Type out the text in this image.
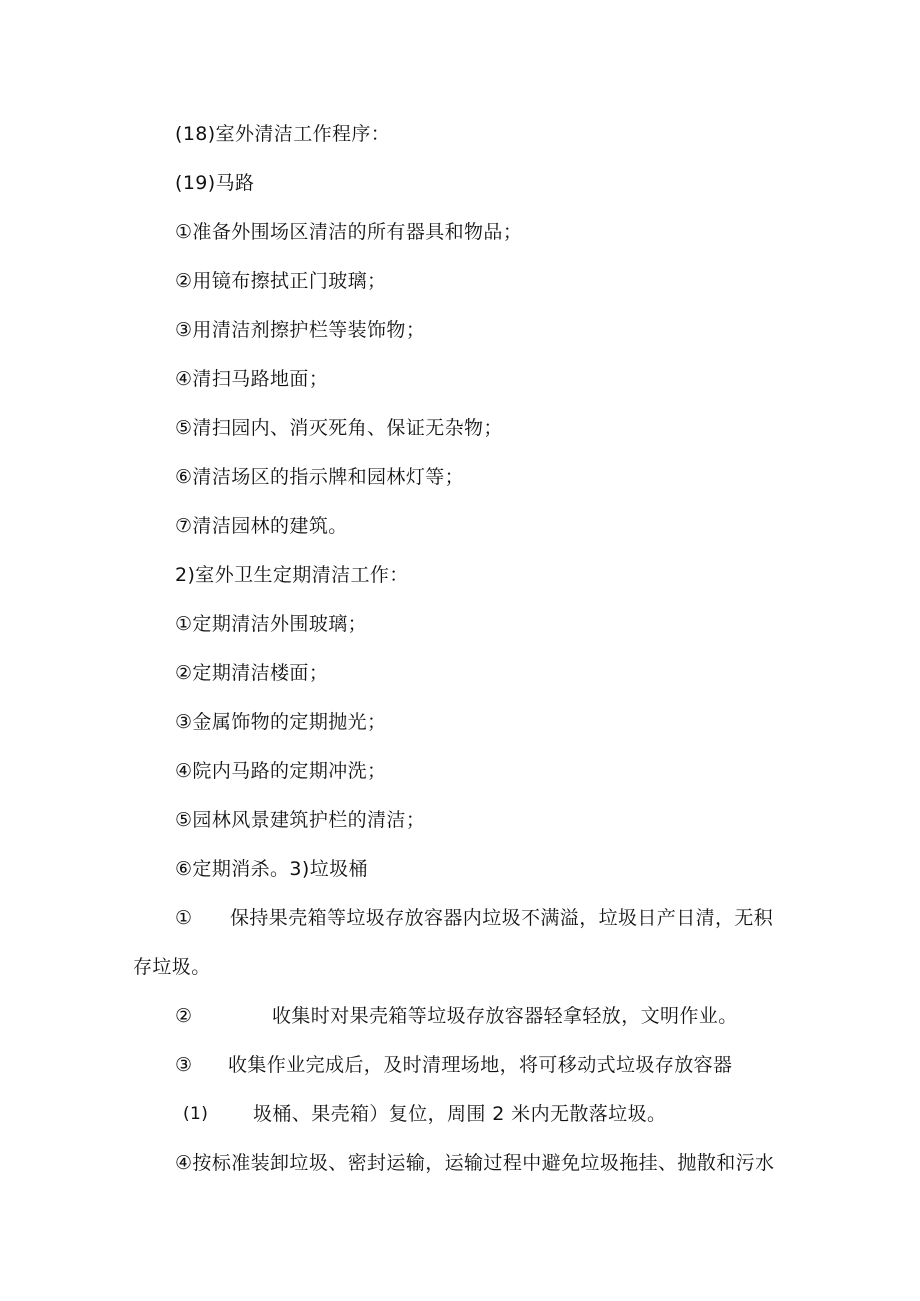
(18)室外清洁工作程序：
(19)马路
①准备外围场区清洁的所有器具和物品；
②用镜布擦拭正门玻璃；
③用清洁剂擦护栏等装饰物；
④清扫马路地面；
⑤清扫园内、消灭死角、保证无杂物；
⑥清洁场区的指示牌和园林灯等；
⑦清洁园林的建筑。
2)室外卫生定期清洁工作：
①定期清洁外围玻璃；
②定期清洁楼面；
③金属饰物的定期抛光；
④院内马路的定期冲洗；
⑤园林风景建筑护栏的清洁；
⑥定期消杀。3)垃圾桶
① 保持果壳箱等垃圾存放容器内垃圾不满溢，垃圾日产日清，无积
存垃圾。
②	收集时对果壳箱等垃圾存放容器轻拿轻放，文明作业。
③ 收集作业完成后，及时清理场地，将可移动式垃圾存放容器
(1) 圾桶、果壳箱）复位，周围 2 米内无散落垃圾。
④按标准装卸垃圾、密封运输，运输过程中避免垃圾拖挂、抛散和污水
